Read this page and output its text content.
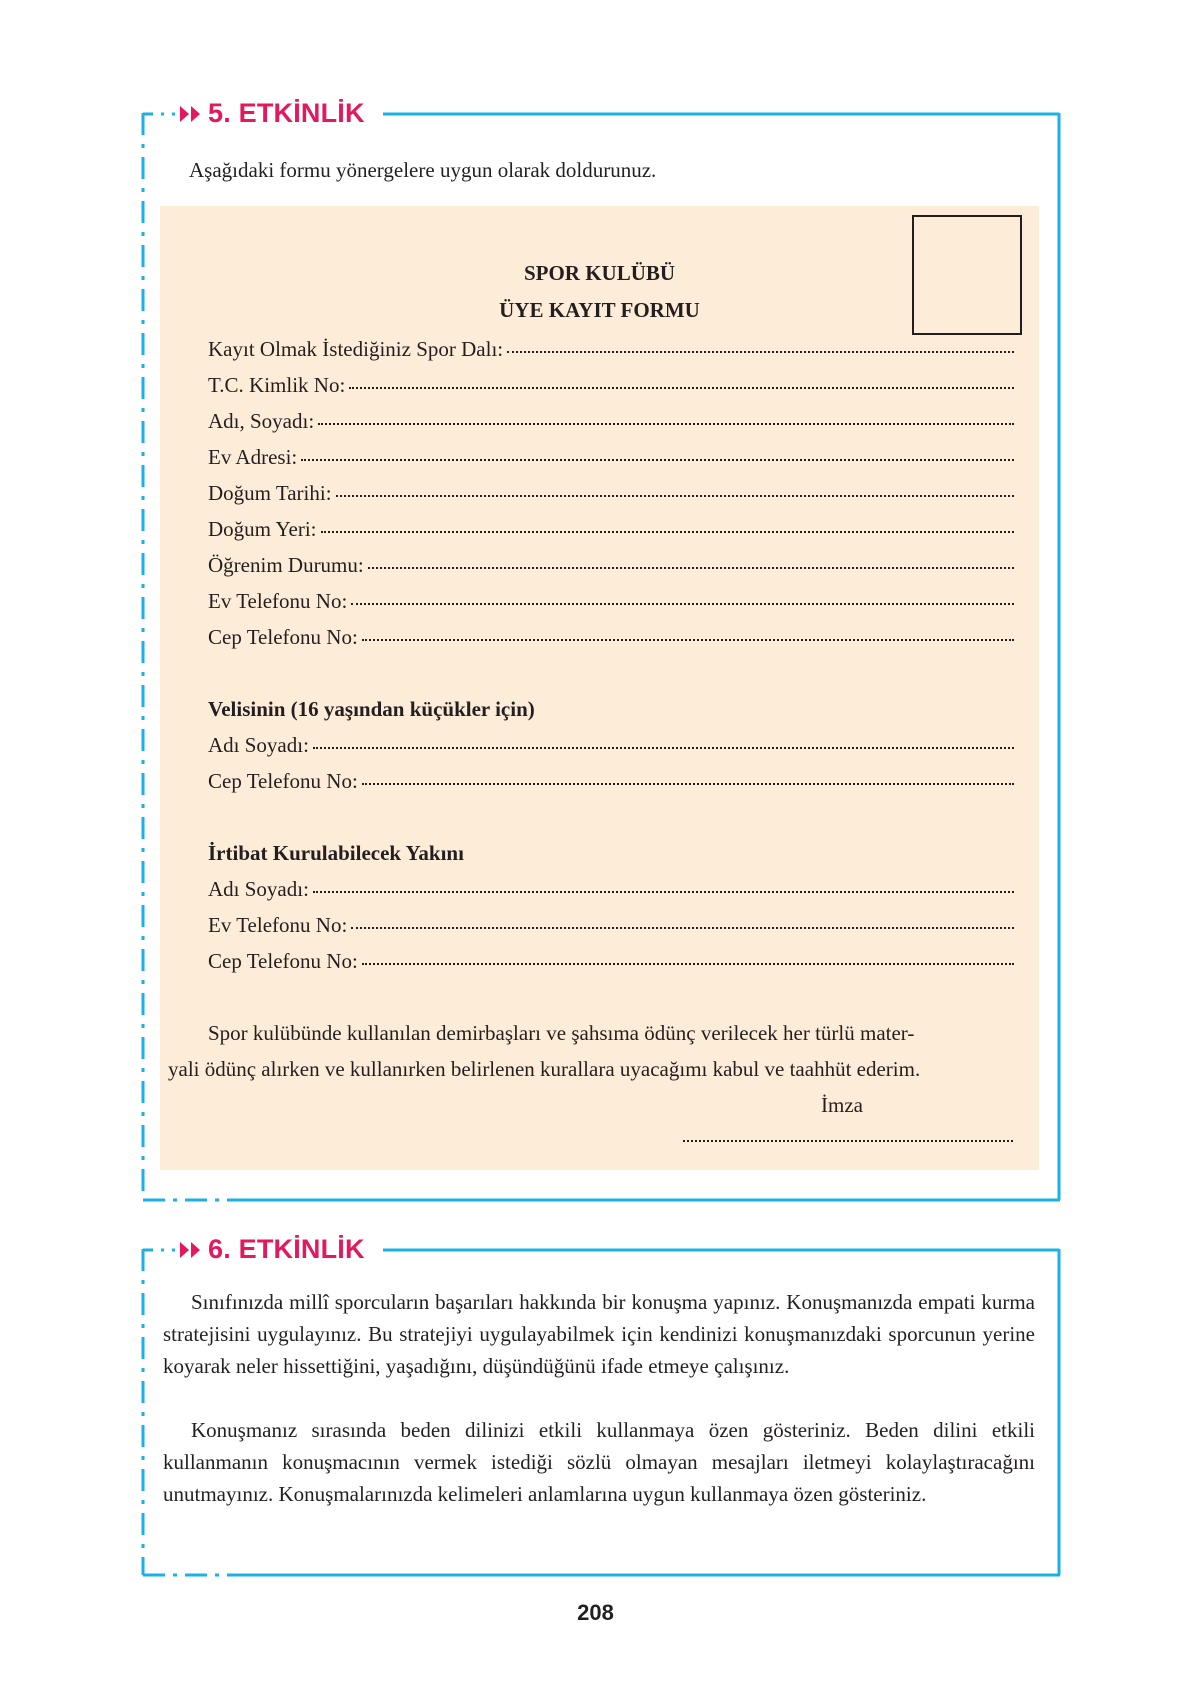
5. ETKİNLİK
Aşağıdaki formu yönergelere uygun olarak doldurunuz.
SPOR KULÜBÜ
ÜYE KAYIT FORMU
Kayıt Olmak İstediğiniz Spor Dalı:
T.C. Kimlik No:
Adı, Soyadı:
Ev Adresi:
Doğum Tarihi:
Doğum Yeri:
Öğrenim Durumu:
Ev Telefonu No:
Cep Telefonu No:
Velisinin (16 yaşından küçükler için)
Adı Soyadı:
Cep Telefonu No:
İrtibat Kurulabilecek Yakını
Adı Soyadı:
Ev Telefonu No:
Cep Telefonu No:
Spor kulübünde kullanılan demirbaşları ve şahsıma ödünç verilecek her türlü mater-
yali ödünç alırken ve kullanırken belirlenen kurallara uyacağımı kabul ve taahhüt ederim.
İmza
6. ETKİNLİK
Sınıfınızda millî sporcuların başarıları hakkında bir konuşma yapınız. Konuşmanızda empati kurma stratejisini uygulayınız. Bu stratejiyi uygulayabilmek için kendinizi konuşmanızdaki sporcunun yerine koyarak neler hissettiğini, yaşadığını, düşündüğünü ifade etmeye çalışınız.
Konuşmanız sırasında beden dilinizi etkili kullanmaya özen gösteriniz. Beden dilini etkili kullanmanın konuşmacının vermek istediği sözlü olmayan mesajları iletmeyi kolaylaştıracağını unutmayınız. Konuşmalarınızda kelimeleri anlamlarına uygun kullanmaya özen gösteriniz.
208
